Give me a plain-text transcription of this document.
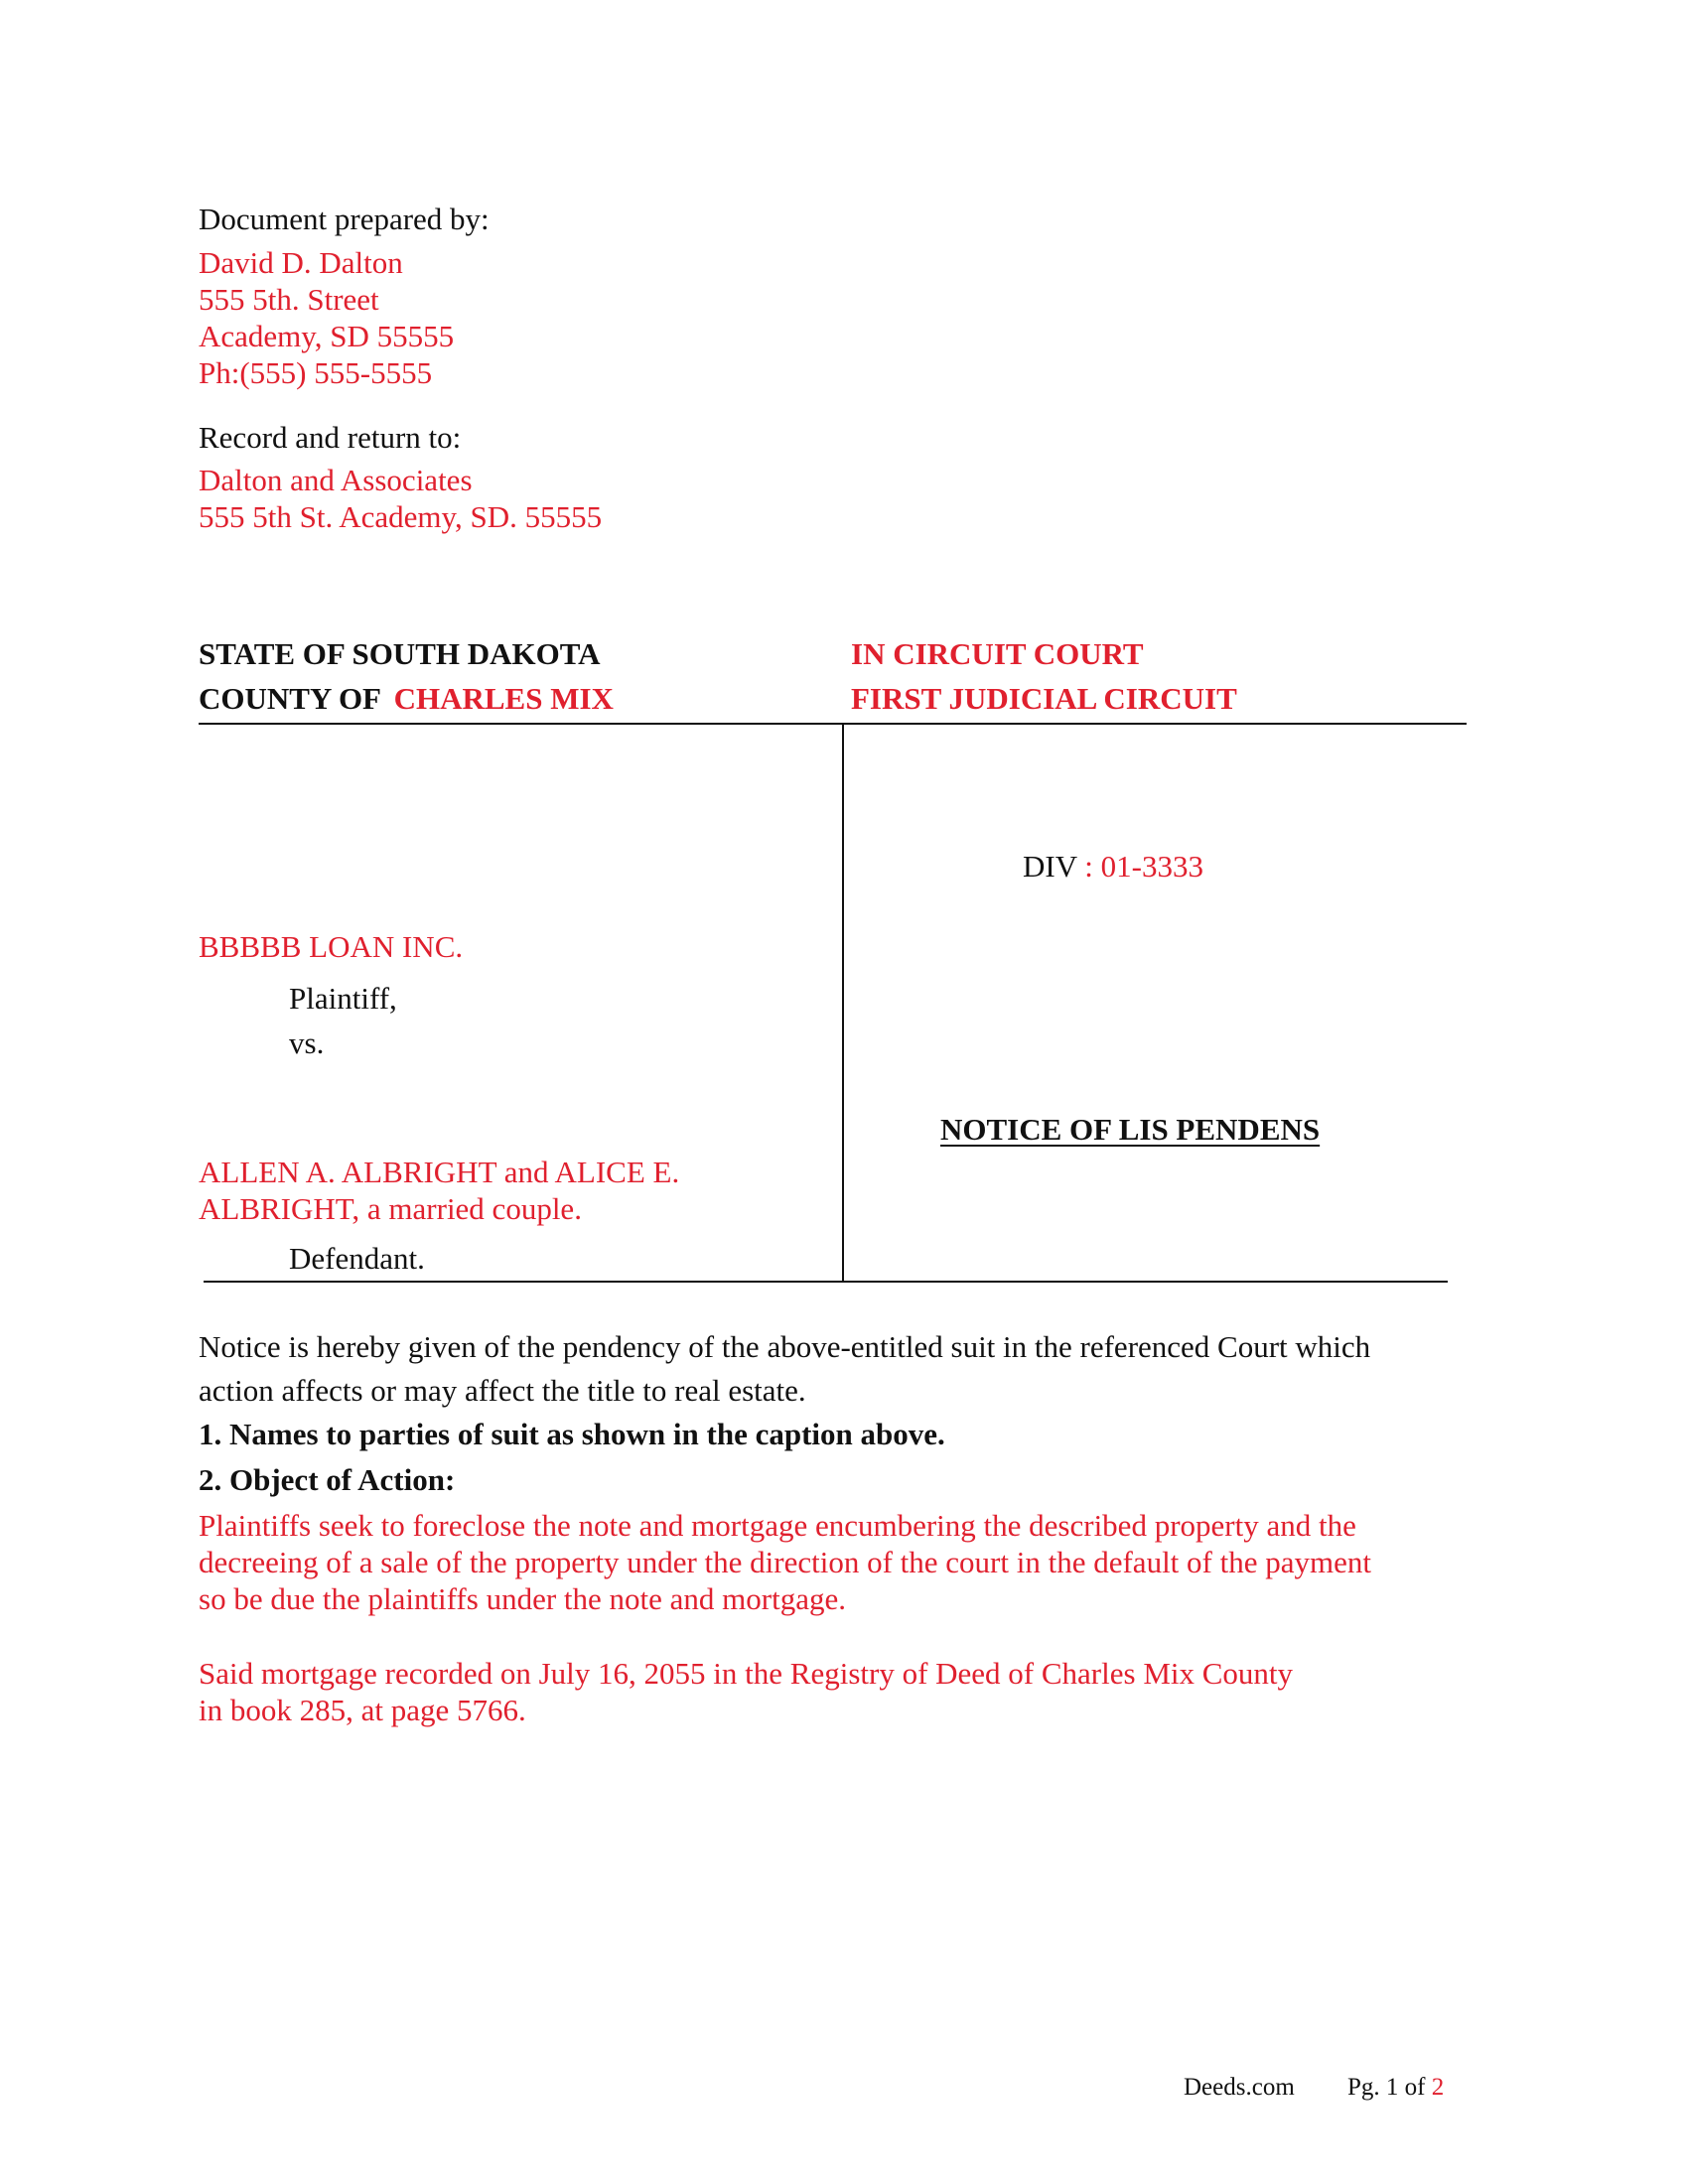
Document prepared by:
David D. Dalton
555 5th. Street
Academy, SD 55555
Ph:(555) 555-5555
Record and return to:
Dalton and Associates
555 5th St. Academy, SD. 55555
STATE OF SOUTH DAKOTA
COUNTY OF CHARLES MIX
IN CIRCUIT COURT
FIRST JUDICIAL CIRCUIT
DIV : 01-3333
BBBBB LOAN INC.
Plaintiff,
vs.
ALLEN A. ALBRIGHT and ALICE E.
ALBRIGHT, a married couple.
Defendant.
NOTICE OF LIS PENDENS
Notice is hereby given of the pendency of the above-entitled suit in the referenced Court which
action affects or may affect the title to real estate.
1. Names to parties of suit as shown in the caption above.
2. Object of Action:
Plaintiffs seek to foreclose the note and mortgage encumbering the described property and the
decreeing of a sale of the property under the direction of the court in the default of the payment
so be due the plaintiffs under the note and mortgage.
Said mortgage recorded on July 16, 2055 in the Registry of Deed of Charles Mix County
in book 285, at page 5766.
Deeds.com Pg. 1 of 2
